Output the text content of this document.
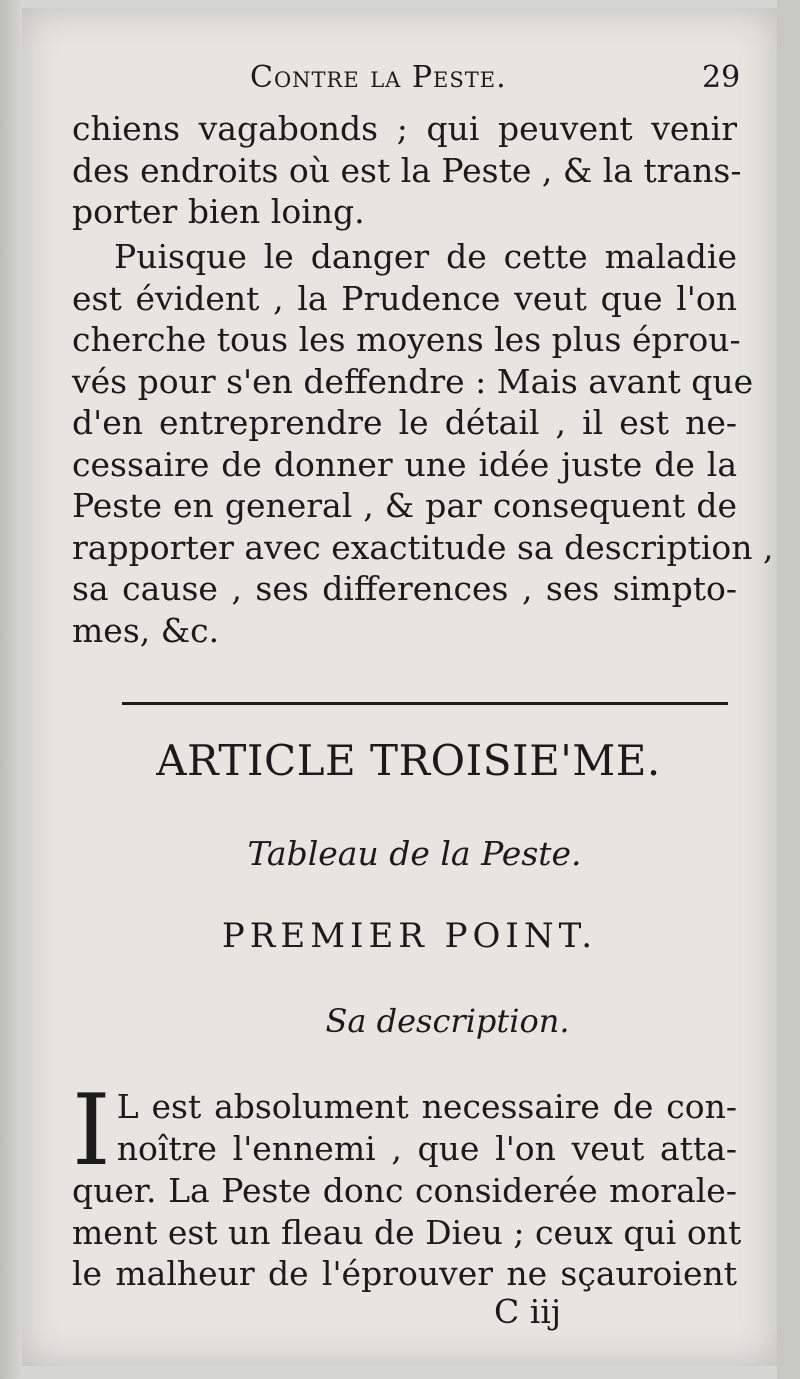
Contre la Peste.	29

chiens vagabonds ; qui peuvent venir
des endroits où est la Peste , & la trans-
porter bien loing.

Puisque le danger de cette maladie
est évident , la Prudence veut que l'on
cherche tous les moyens les plus éprou-
vés pour s'en deffendre : Mais avant que
d'en entreprendre le détail , il est ne-
cessaire de donner une idée juste de la
Peste en general , & par consequent de
rapporter avec exactitude sa description ,
sa cause , ses differences , ses simpto-
mes, &c.

ARTICLE TROISIE'ME.
Tableau de la Peste.
PREMIER POINT.
Sa description.

I L est absolument necessaire de con-
noître l'ennemi , que l'on veut atta-
quer. La Peste donc considerée morale-
ment est un fleau de Dieu ; ceux qui ont
le malheur de l'éprouver ne sçauroient

C iij
